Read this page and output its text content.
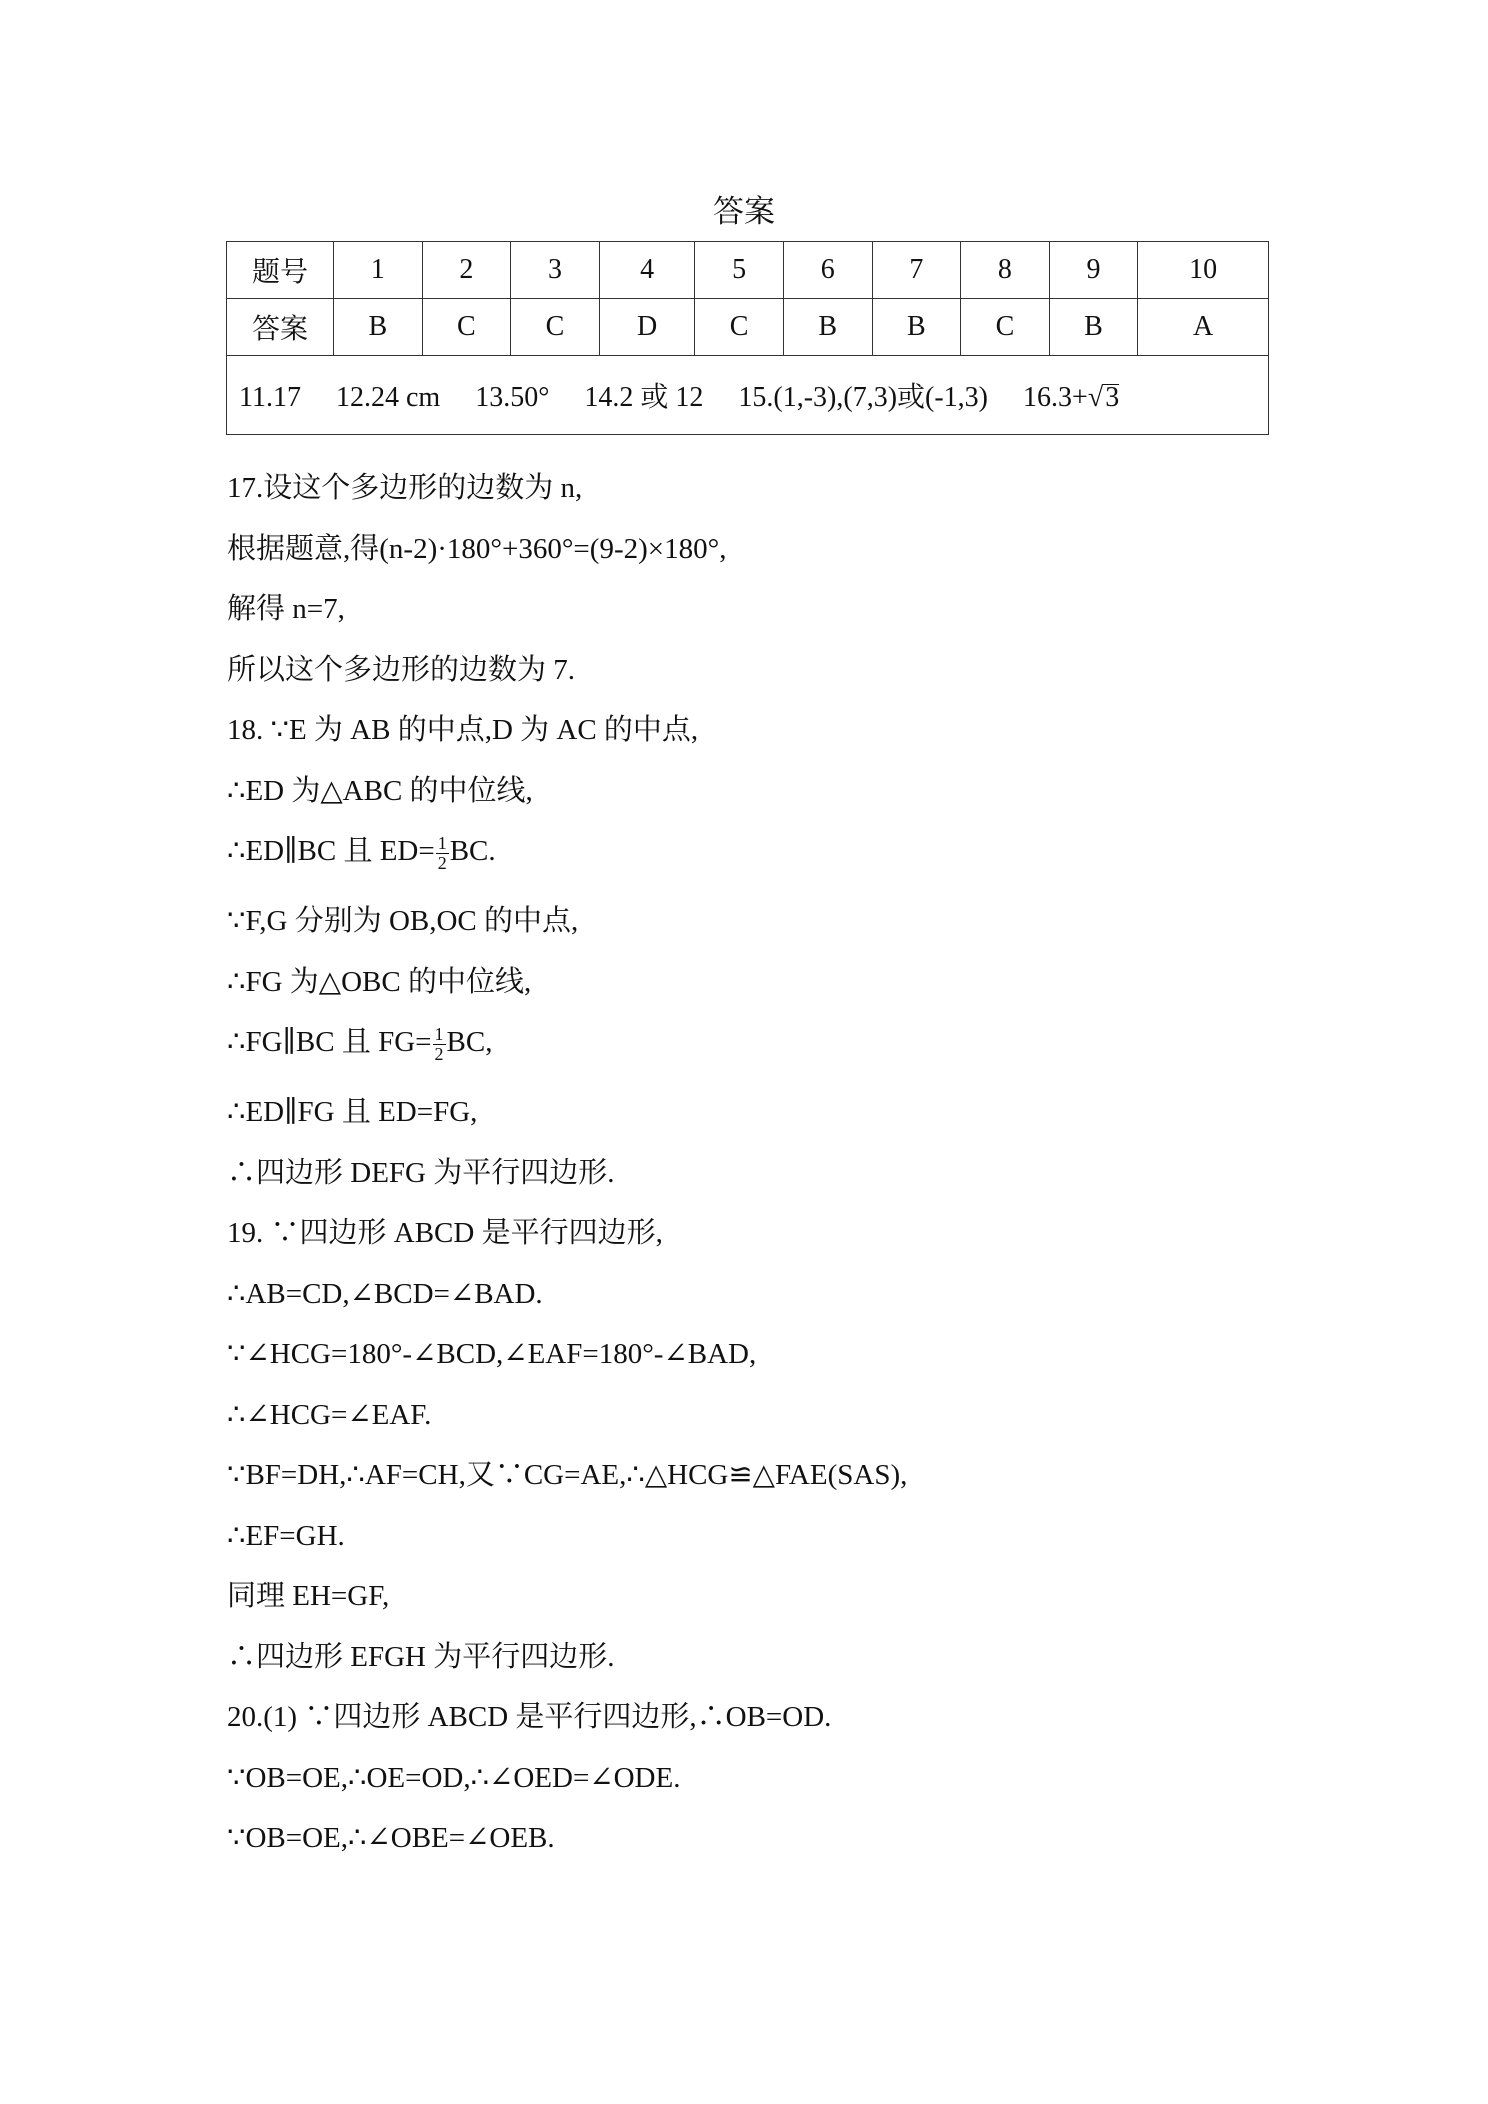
答案
题号	1	2	3	4	5	6	7	8	9	10
答案	B	C	C	D	C	B	B	C	B	A
11.17 12.24 cm 13.50° 14.2 或 12 15.(1,-3),(7,3)或(-1,3) 16.3+√3										
17.设这个多边形的边数为 n,
根据题意,得(n-2)·180°+360°=(9-2)×180°,
解得 n=7,
所以这个多边形的边数为 7.
18. ∵E 为 AB 的中点,D 为 AC 的中点,
∴ED 为△ABC 的中位线,
∴ED∥BC 且 $ED= \frac{1}{2}$ BC.
∵F,G 分别为 OB,OC 的中点,
∴FG 为△OBC 的中位线,
∴FG∥BC 且 $FG= \frac{1}{2}$ BC,
∴ED∥FG 且 ED=FG,
∴四边形 DEFG 为平行四边形.
19. ∵四边形 ABCD 是平行四边形,
∴AB=CD,∠BCD=∠BAD.
∵∠HCG=180°-∠BCD,∠EAF=180°-∠BAD,
∴∠HCG=∠EAF.
∵BF=DH,∴AF=CH,又∵CG=AE,∴△HCG≌△FAE(SAS),
∴EF=GH.
同理 EH=GF,
∴四边形 EFGH 为平行四边形.
20.(1) ∵四边形 ABCD 是平行四边形,∴OB=OD.
∵OB=OE,∴OE=OD,∴∠OED=∠ODE.
∵OB=OE,∴∠OBE=∠OEB.
